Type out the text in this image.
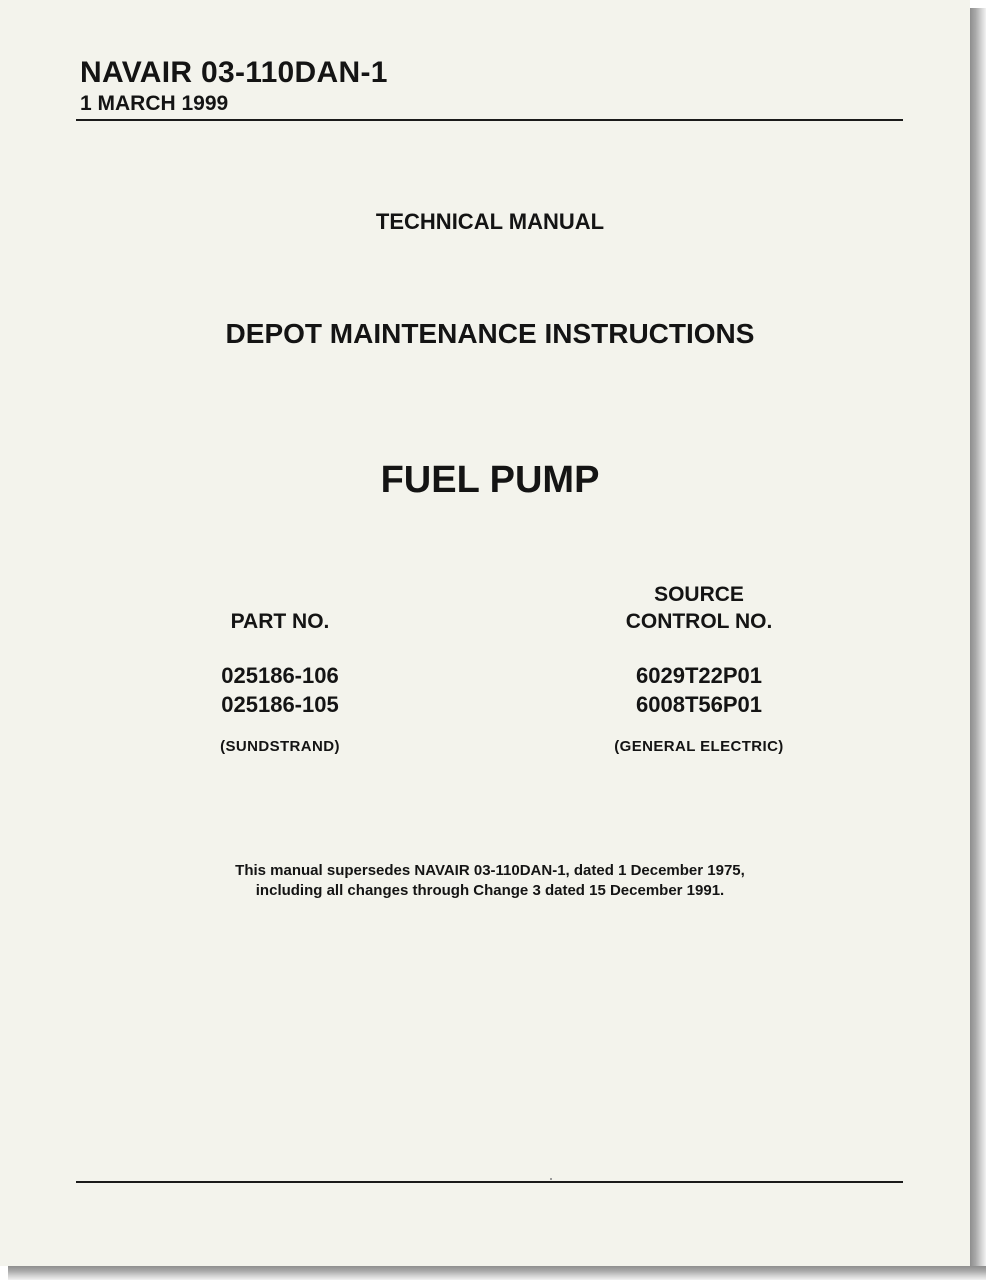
NAVAIR 03-110DAN-1
1 MARCH 1999
TECHNICAL MANUAL
DEPOT MAINTENANCE INSTRUCTIONS
FUEL PUMP
PART NO.
025186-106
025186-105
(SUNDSTRAND)
SOURCE
CONTROL NO.
6029T22P01
6008T56P01
(GENERAL ELECTRIC)
This manual supersedes NAVAIR 03-110DAN-1, dated 1 December 1975,
including all changes through Change 3 dated 15 December 1991.
